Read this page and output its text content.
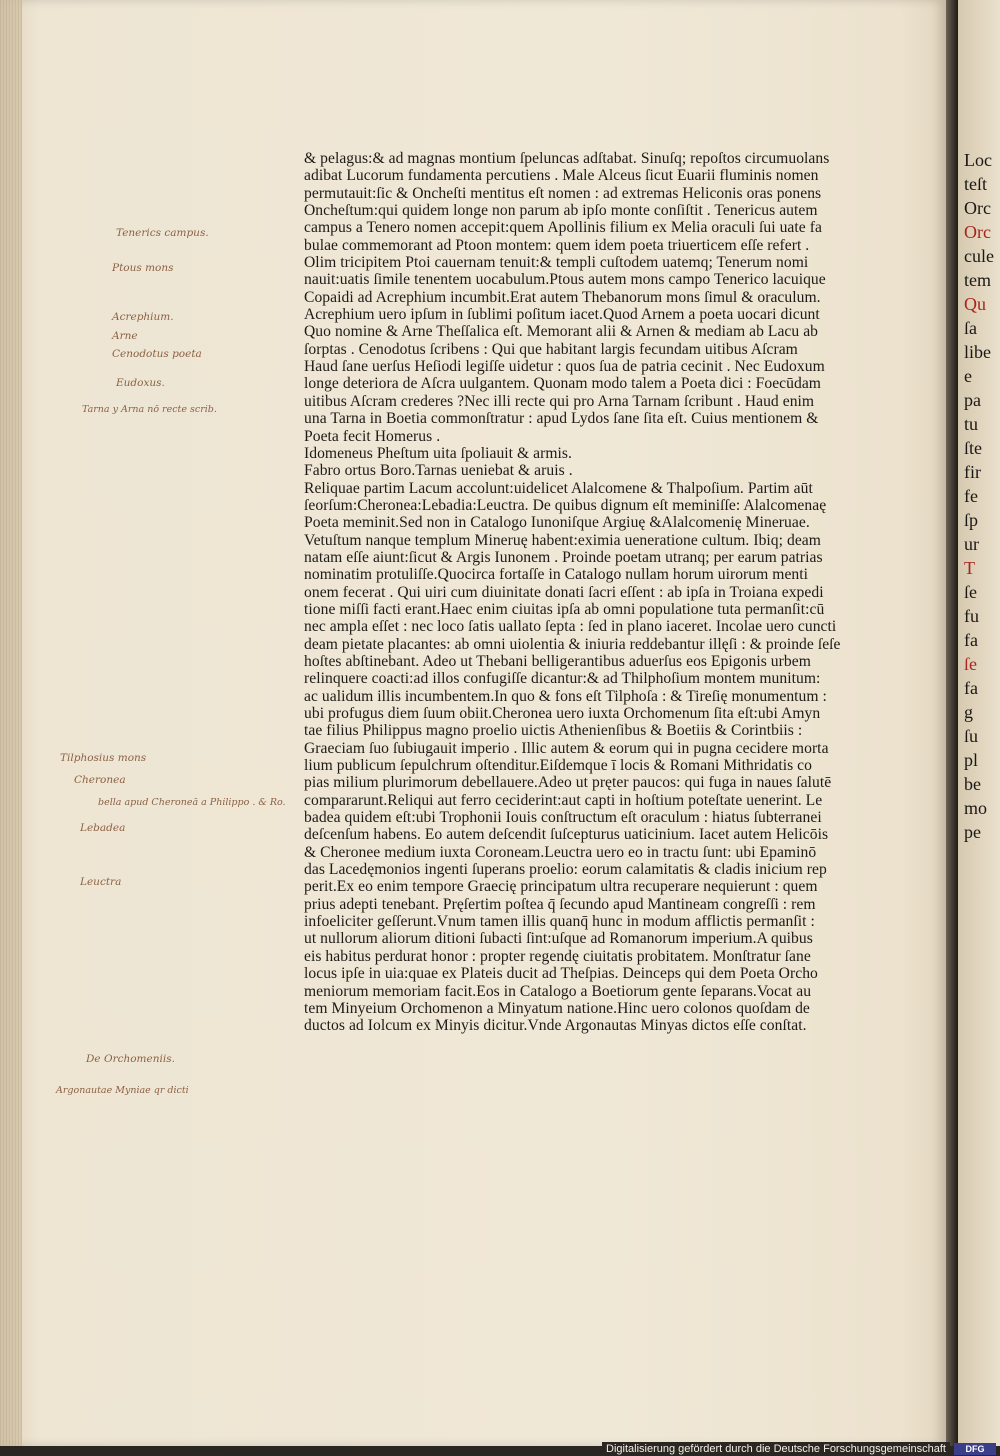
& pelagus:& ad magnas montium ſpeluncas adſtabat. Sinuſq; repoſtos circumuolans
adibat Lucorum fundamenta percutiens . Male Alceus ſicut Euarii fluminis nomen
permutauit:ſic & Oncheſti mentitus eſt nomen : ad extremas Heliconis oras ponens
Oncheſtum:qui quidem longe non parum ab ipſo monte conſiſtit . Tenericus autem
campus a Tenero nomen accepit:quem Apollinis filium ex Melia oraculi ſui uate fa
bulae commemorant ad Ptoon montem: quem idem poeta triuerticem eſſe refert .
Olim tricipitem Ptoi cauernam tenuit:& templi cuſtodem uatemq; Tenerum nomi
nauit:uatis ſimile tenentem uocabulum.Ptous autem mons campo Tenerico lacuique
Copaidi ad Acrephium incumbit.Erat autem Thebanorum mons ſimul & oraculum.
Acrephium uero ipſum in ſublimi poſitum iacet.Quod Arnem a poeta uocari dicunt
Quo nomine & Arne Theſſalica eſt. Memorant alii & Arnen & mediam ab Lacu ab
ſorptas . Cenodotus ſcribens : Qui que habitant largis fecundam uitibus Aſcram
Haud ſane uerſus Heſiodi legiſſe uidetur : quos ſua de patria cecinit . Nec Eudoxum
longe deteriora de Aſcra uulgantem. Quonam modo talem a Poeta dici : Foecūdam
uitibus Aſcram crederes ?Nec illi recte qui pro Arna Tarnam ſcribunt . Haud enim
una Tarna in Boetia commonſtratur : apud Lydos ſane ſita eſt. Cuius mentionem &
Poeta fecit Homerus .
Idomeneus Pheſtum uita ſpoliauit & armis.
Fabro ortus Boro.Tarnas ueniebat & aruis .
Reliquae partim Lacum accolunt:uidelicet Alalcomene & Thalpoſium. Partim aūt
ſeorſum:Cheronea:Lebadia:Leuctra. De quibus dignum eſt meminiſſe: Alalcomenaę
Poeta meminit.Sed non in Catalogo Iunoniſque Argiuę &Alalcomenię Mineruae.
Vetuſtum nanque templum Mineruę habent:eximia ueneratione cultum. Ibiq; deam
natam eſſe aiunt:ſicut & Argis Iunonem . Proinde poetam utranq; per earum patrias
nominatim protuliſſe.Quocirca fortaſſe in Catalogo nullam horum uirorum menti
onem fecerat . Qui uiri cum diuinitate donati ſacri eſſent : ab ipſa in Troiana expedi
tione miſſi facti erant.Haec enim ciuitas ipſa ab omni populatione tuta permanſit:cū
nec ampla eſſet : nec loco ſatis uallato ſepta : ſed in plano iaceret. Incolae uero cuncti
deam pietate placantes: ab omni uiolentia & iniuria reddebantur illęſi : & proinde ſeſe
hoſtes abſtinebant. Adeo ut Thebani belligerantibus aduerſus eos Epigonis urbem
relinquere coacti:ad illos confugiſſe dicantur:& ad Thilphoſium montem munitum:
ac ualidum illis incumbentem.In quo & fons eſt Tilphoſa : & Tireſię monumentum :
ubi profugus diem ſuum obiit.Cheronea uero iuxta Orchomenum ſita eſt:ubi Amyn
tae filius Philippus magno proelio uictis Athenienſibus & Boetiis & Corintbiis :
Graeciam ſuo ſubiugauit imperio . Illic autem & eorum qui in pugna cecidere morta
lium publicum ſepulchrum oſtenditur.Eiſdemque ī locis & Romani Mithridatis co
pias milium plurimorum debellauere.Adeo ut pręter paucos: qui fuga in naues ſalutē
compararunt.Reliqui aut ferro ceciderint:aut capti in hoſtium poteſtate uenerint. Le
badea quidem eſt:ubi Trophonii Iouis conſtructum eſt oraculum : hiatus ſubterranei
deſcenſum habens. Eo autem deſcendit ſuſcepturus uaticinium. Iacet autem Helicōis
& Cheronee medium iuxta Coroneam.Leuctra uero eo in tractu ſunt: ubi Epaminō
das Lacedęmonios ingenti ſuperans proelio: eorum calamitatis & cladis inicium rep
perit.Ex eo enim tempore Graecię principatum ultra recuperare nequierunt : quem
prius adepti tenebant. Pręſertim poſtea q̄ ſecundo apud Mantineam congreſſi : rem
infoeliciter geſſerunt.Vnum tamen illis quanq̄ hunc in modum afflictis permanſit :
ut nullorum aliorum ditioni ſubacti ſint:uſque ad Romanorum imperium.A quibus
eis habitus perdurat honor : propter regendę ciuitatis probitatem. Monſtratur ſane
locus ipſe in uia:quae ex Plateis ducit ad Theſpias. Deinceps qui dem Poeta Orcho
meniorum memoriam facit.Eos in Catalogo a Boetiorum gente ſeparans.Vocat au
tem Minyeium Orchomenon a Minyatum natione.Hinc uero colonos quoſdam de
ductos ad Iolcum ex Minyis dicitur.Vnde Argonautas Minyas dictos eſſe conſtat.
Tenerics campus.
Ptous mons
Acrephium.
Arne
Cenodotus poeta
Eudoxus.
Tarna y Arna nō recte scrib.
Tilphosius mons
Cheronea
bella apud Cheroneā a Philippo . & Ro.
Lebadea
Leuctra
De Orchomeniis.
Argonautae Myniae qr dicti
Loc
teſt
Orc
Orc
cule
tem
Qu
ſa
libe
e
pa
tu
ſte
fir
fe
ſp
ur
T
ſe
fu
fa
ſe
fa
g
ſu
pl
be
mo
pe
Digitalisierung gefördert durch die Deutsche Forschungsgemeinschaft	DFG
